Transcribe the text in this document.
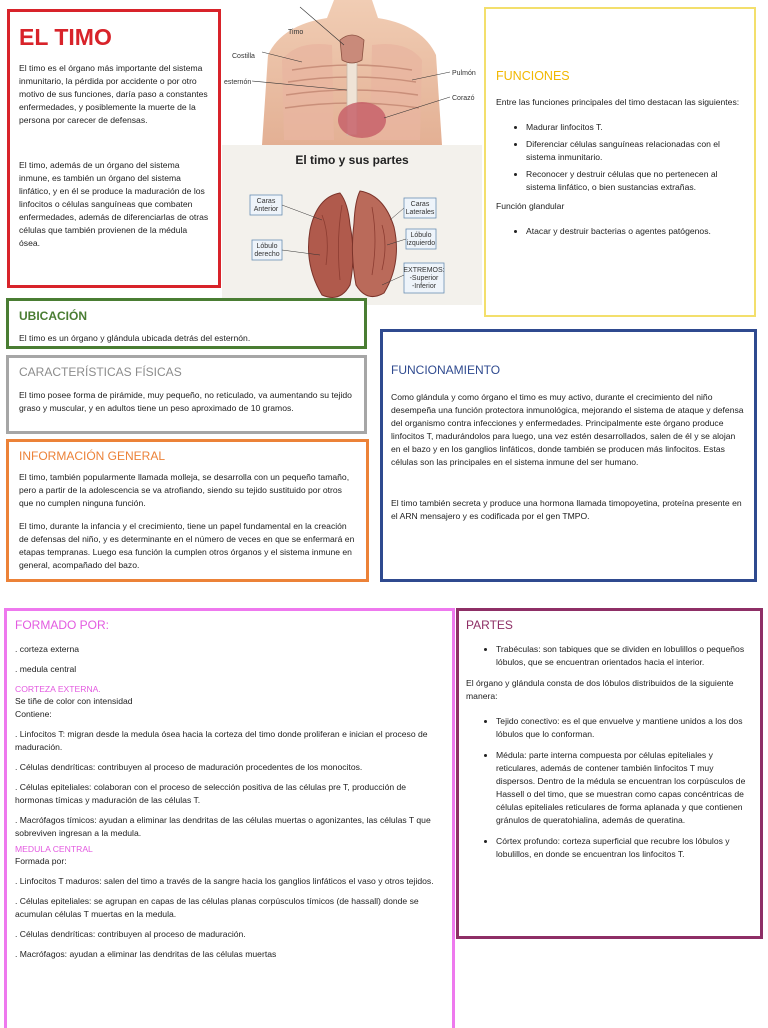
EL TIMO

El timo es el órgano más importante del sistema inmunitario, la pérdida por accidente o por otro motivo de sus funciones, daría paso a constantes enfermedades, y posiblemente la muerte de la persona por carecer de defensas.

El timo, además de un órgano del sistema inmune, es también un órgano del sistema linfático, y en él se produce la maduración de los linfocitos o células sanguíneas que combaten enfermedades, además de diferenciarlas de otras células que también provienen de la médula ósea.

Timo
Costilla
esternón
Pulmón
Corazó
El timo y sus partes
Caras
Anterior
Lóbulo
derecho
Caras
Laterales
Lóbulo
izquierdo
EXTREMOS:
-Superior
-Inferior
FUNCIONES

Entre las funciones principales del timo destacan las siguientes:

• Madurar linfocitos T.
• Diferenciar células sanguíneas relacionadas con el sistema inmunitario.
• Reconocer y destruir células que no pertenecen al sistema linfático, o bien sustancias extrañas.

Función glandular

• Atacar y destruir bacterias o agentes patógenos.
UBICACIÓN

El timo es un órgano y glándula ubicada detrás del esternón.

CARACTERÍSTICAS FÍSICAS

El timo posee forma de pirámide, muy pequeño, no reticulado, va aumentando su tejido graso y muscular, y en adultos tiene un peso aproximado de 10 gramos.

INFORMACIÓN GENERAL

El timo, también popularmente llamada molleja, se desarrolla con un pequeño tamaño, pero a partir de la adolescencia se va atrofiando, siendo su tejido sustituido por otros que no cumplen ninguna función.

El timo, durante la infancia y el crecimiento, tiene un papel fundamental en la creación de defensas del niño, y es determinante en el número de veces en que se enfermará en etapas tempranas. Luego esa función la cumplen otros órganos y el sistema inmune en general, acompañado del bazo.

FUNCIONAMIENTO

Como glándula y como órgano el timo es muy activo, durante el crecimiento del niño desempeña una función protectora inmunológica, mejorando el sistema de ataque y defensa del organismo contra infecciones y enfermedades. Principalmente este órgano produce linfocitos T, madurándolos para luego, una vez estén desarrollados, salen de él y se alojan en el bazo y en los ganglios linfáticos, donde también se producen más linfocitos. Estas células son las principales en el sistema inmune del ser humano.

El timo también secreta y produce una hormona llamada timopoyetina, proteína presente en el ARN mensajero y es codificada por el gen TMPO.

FORMADO POR:

. corteza externa

. medula central

CORTEZA EXTERNA.

Se tiñe de color con intensidad

Contiene:

. Linfocitos T: migran desde la medula ósea hacia la corteza del timo donde proliferan e inician el proceso de maduración.

. Células dendríticas: contribuyen al proceso de maduración procedentes de los monocitos.

. Células epiteliales: colaboran con el proceso de selección positiva de las células pre T, producción de hormonas tímicas y maduración de las células T.

. Macrófagos tímicos: ayudan a eliminar las dendritas de las células muertas o agonizantes, las células T que sobreviven ingresan a la medula.

MEDULA CENTRAL

Formada por:

. Linfocitos T maduros: salen del timo a través de la sangre hacia los ganglios linfáticos el vaso y otros tejidos.

. Células epiteliales: se agrupan en capas de las células planas corpúsculos tímicos (de hassall) donde se acumulan células T muertas en la medula.

. Células dendríticas: contribuyen al proceso de maduración.

. Macrófagos: ayudan a eliminar las dendritas de las células muertas

PARTES
• Trabéculas: son tabiques que se dividen en lobulillos o pequeños lóbulos, que se encuentran orientados hacia el interior.

El órgano y glándula consta de dos lóbulos distribuidos de la siguiente manera:

• Tejido conectivo: es el que envuelve y mantiene unidos a los dos lóbulos que lo conforman.
• Médula: parte interna compuesta por células epiteliales y reticulares, además de contener también linfocitos T muy dispersos. Dentro de la médula se encuentran los corpúsculos de Hassell o del timo, que se muestran como capas concéntricas de células epiteliales reticulares de forma aplanada y que contienen gránulos de queratohialina, además de queratina.
• Córtex profundo: corteza superficial que recubre los lóbulos y lobulillos, en donde se encuentran los linfocitos T.
